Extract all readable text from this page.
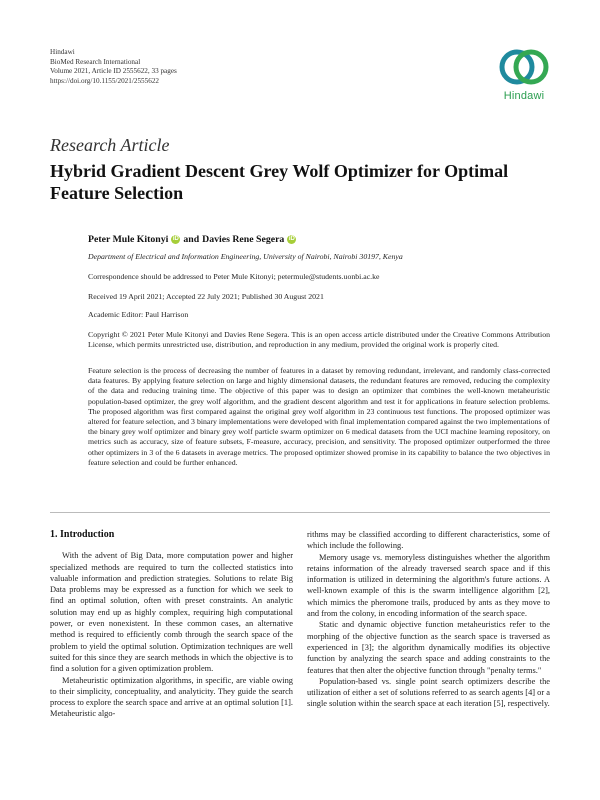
Hindawi
BioMed Research International
Volume 2021, Article ID 2555622, 33 pages
https://doi.org/10.1155/2021/2555622
Hindawi
Research Article
Hybrid Gradient Descent Grey Wolf Optimizer for Optimal Feature Selection
Peter Mule Kitonyi iD and Davies Rene Segera iD
Department of Electrical and Information Engineering, University of Nairobi, Nairobi 30197, Kenya
Correspondence should be addressed to Peter Mule Kitonyi; petermule@students.uonbi.ac.ke
Received 19 April 2021; Accepted 22 July 2021; Published 30 August 2021
Academic Editor: Paul Harrison
Copyright © 2021 Peter Mule Kitonyi and Davies Rene Segera. This is an open access article distributed under the Creative Commons Attribution License, which permits unrestricted use, distribution, and reproduction in any medium, provided the original work is properly cited.
Feature selection is the process of decreasing the number of features in a dataset by removing redundant, irrelevant, and randomly class-corrected data features. By applying feature selection on large and highly dimensional datasets, the redundant features are removed, reducing the complexity of the data and reducing training time. The objective of this paper was to design an optimizer that combines the well-known metaheuristic population-based optimizer, the grey wolf algorithm, and the gradient descent algorithm and test it for applications in feature selection problems. The proposed algorithm was first compared against the original grey wolf algorithm in 23 continuous test functions. The proposed optimizer was altered for feature selection, and 3 binary implementations were developed with final implementation compared against the two implementations of the binary grey wolf optimizer and binary grey wolf particle swarm optimizer on 6 medical datasets from the UCI machine learning repository, on metrics such as accuracy, size of feature subsets, F-measure, accuracy, precision, and sensitivity. The proposed optimizer outperformed the three other optimizers in 3 of the 6 datasets in average metrics. The proposed optimizer showed promise in its capability to balance the two objectives in feature selection and could be further enhanced.

1. Introduction

With the advent of Big Data, more computation power and higher specialized methods are required to turn the collected statistics into valuable information and prediction strategies. Solutions to relate Big Data problems may be expressed as a function for which we seek to find an optimal solution, often with preset constraints. An analytic solution may end up as highly complex, requiring high computational power, or even nonexistent. In these common cases, an alternative method is required to efficiently comb through the search space of the problem to yield the optimal solution. Optimization techniques are well suited for this since they are search methods in which the objective is to find a solution for a given optimization problem.

Metaheuristic optimization algorithms, in specific, are viable owing to their simplicity, conceptuality, and analyticity. They guide the search process to explore the search space and arrive at an optimal solution [1]. Metaheuristic algo-

rithms may be classified according to different characteristics, some of which include the following.

Memory usage vs. memoryless distinguishes whether the algorithm retains information of the already traversed search space and if this information is utilized in determining the algorithm's future actions. A well-known example of this is the swarm intelligence algorithm [2], which mimics the pheromone trails, produced by ants as they move to and from the colony, in encoding information of the search space.

Static and dynamic objective function metaheuristics refer to the morphing of the objective function as the search space is traversed as experienced in [3]; the algorithm dynamically modifies its objective function by analyzing the search space and adding constraints to the features that then alter the objective function through "penalty terms."

Population-based vs. single point search optimizers describe the utilization of either a set of solutions referred to as search agents [4] or a single solution within the search space at each iteration [5], respectively.
